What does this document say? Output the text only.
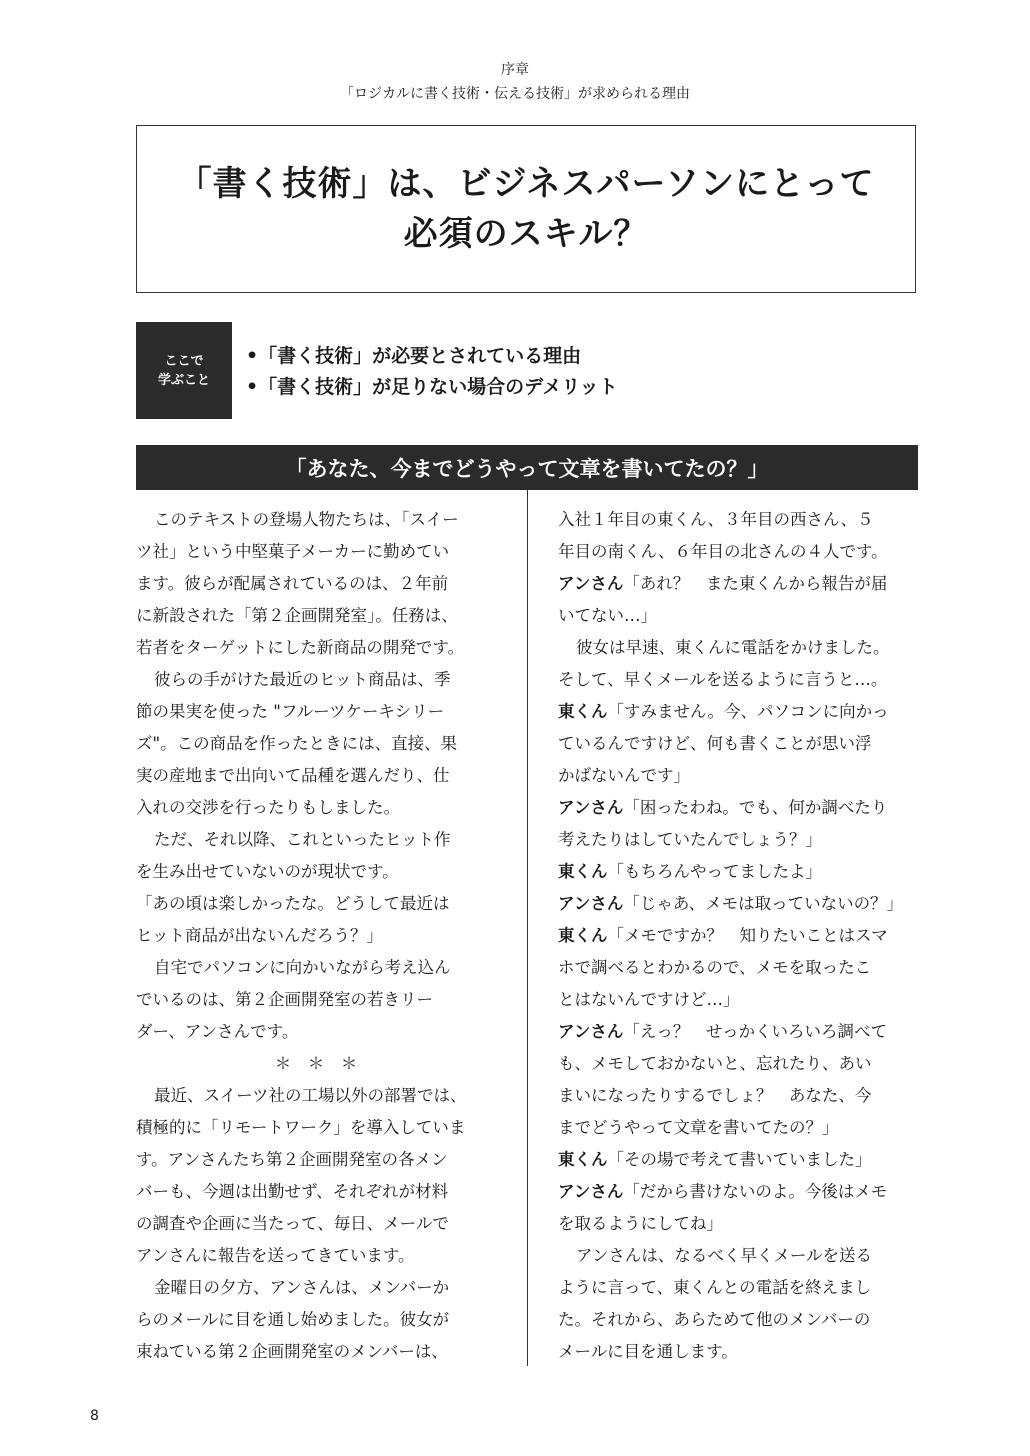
序章
「ロジカルに書く技術・伝える技術」が求められる理由
「書く技術」は、ビジネスパーソンにとって
必須のスキル？
ここで
学ぶこと
•「書く技術」が必要とされている理由
•「書く技術」が足りない場合のデメリット
「あなた、今までどうやって文章を書いてたの？」
このテキストの登場人物たちは、「スイー
ツ社」という中堅菓子メーカーに勤めてい
ます。彼らが配属されているのは、２年前
に新設された「第２企画開発室」。任務は、
若者をターゲットにした新商品の開発です。
彼らの手がけた最近のヒット商品は、季
節の果実を使った "フルーツケーキシリー
ズ"。この商品を作ったときには、直接、果
実の産地まで出向いて品種を選んだり、仕
入れの交渉を行ったりもしました。
ただ、それ以降、これといったヒット作
を生み出せていないのが現状です。
「あの頃は楽しかったな。どうして最近は
ヒット商品が出ないんだろう？」
自宅でパソコンに向かいながら考え込ん
でいるのは、第２企画開発室の若きリー
ダー、アンさんです。
＊　＊　＊
最近、スイーツ社の工場以外の部署では、
積極的に「リモートワーク」を導入していま
す。アンさんたち第２企画開発室の各メン
バーも、今週は出勤せず、それぞれが材料
の調査や企画に当たって、毎日、メールで
アンさんに報告を送ってきています。
金曜日の夕方、アンさんは、メンバーか
らのメールに目を通し始めました。彼女が
束ねている第２企画開発室のメンバーは、
入社１年目の東くん、３年目の西さん、５
年目の南くん、６年目の北さんの４人です。
アンさん「あれ？　また東くんから報告が届
いてない…」
彼女は早速、東くんに電話をかけました。
そして、早くメールを送るように言うと…。
東くん「すみません。今、パソコンに向かっ
ているんですけど、何も書くことが思い浮
かばないんです」
アンさん「困ったわね。でも、何か調べたり
考えたりはしていたんでしょう？」
東くん「もちろんやってましたよ」
アンさん「じゃあ、メモは取っていないの？」
東くん「メモですか？　知りたいことはスマ
ホで調べるとわかるので、メモを取ったこ
とはないんですけど…」
アンさん「えっ？　せっかくいろいろ調べて
も、メモしておかないと、忘れたり、あい
まいになったりするでしょ？　あなた、今
までどうやって文章を書いてたの？」
東くん「その場で考えて書いていました」
アンさん「だから書けないのよ。今後はメモ
を取るようにしてね」
アンさんは、なるべく早くメールを送る
ように言って、東くんとの電話を終えまし
た。それから、あらためて他のメンバーの
メールに目を通します。
8
